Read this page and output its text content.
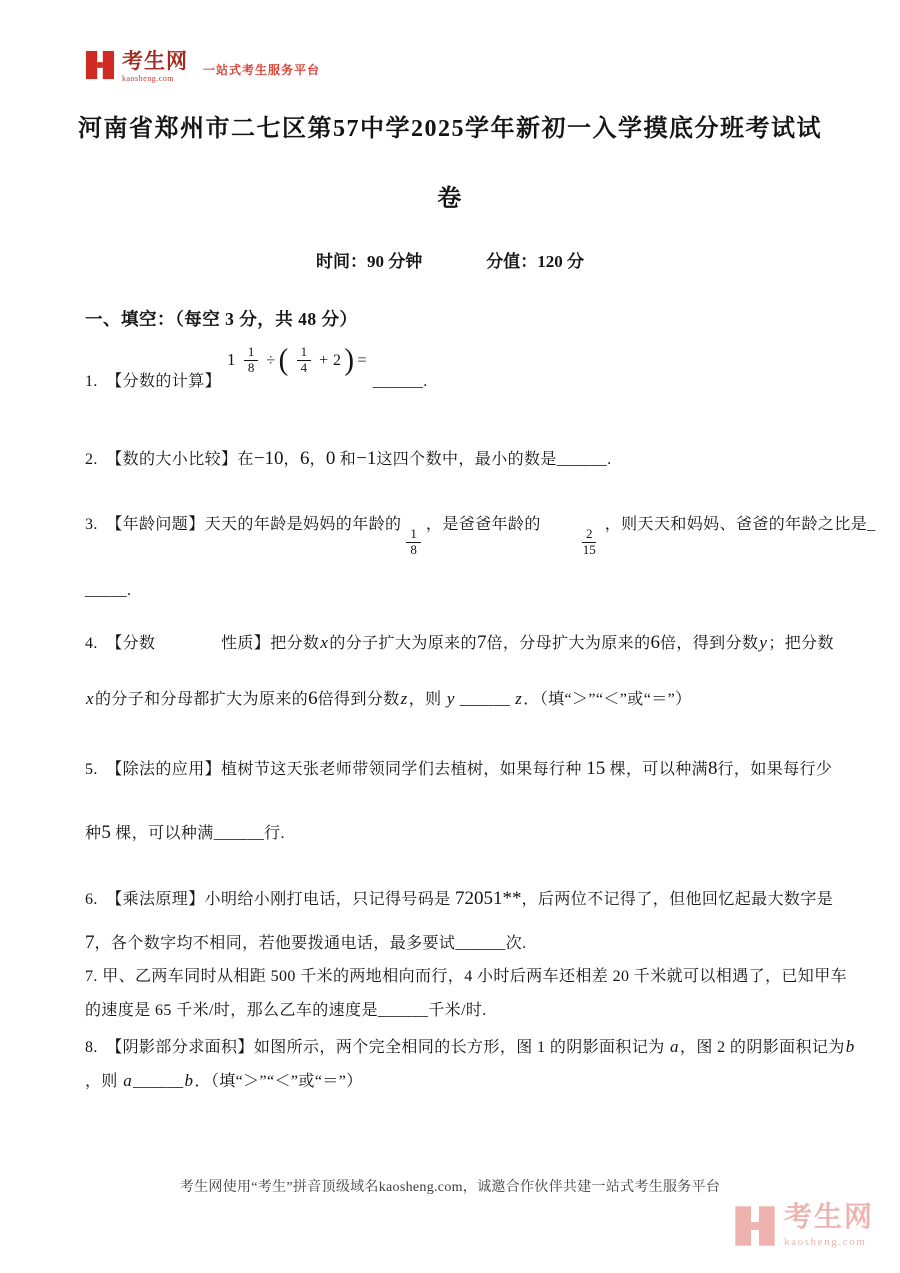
考生网
kaosheng.com
一站式考生服务平台
河南省郑州市二七区第57中学2025学年新初一入学摸底分班考试试
卷
时间：90 分钟	分值：120 分
一、填空：（每空 3 分，共 48 分）
1.　【分数的计算】
$1 \frac{1}{8}$ ÷ ( $\frac{1}{4} + 2$ ) =
______.
2.　【数的大小比较】在−10，6，0 和−1这四个数中，最小的数是______.
3.　【年龄问题】天天的年龄是妈妈的年龄的
$\frac{1}{8}$
，是爸爸年龄的
$\frac{2}{15}$
，则天天和妈妈、爸爸的年龄之比是_
_____.
4.　【分数　　　　性质】把分数x的分子扩大为原来的7倍，分母扩大为原来的6倍，得到分数y；把分数
x的分子和分母都扩大为原来的6倍得到分数z，则 y ______ z．（填“＞”“＜”或“＝”）
5.　【除法的应用】植树节这天张老师带领同学们去植树，如果每行种 15 棵，可以种满8行，如果每行少
种5 棵，可以种满______行.
6.　【乘法原理】小明给小刚打电话，只记得号码是 72051**，后两位不记得了，但他回忆起最大数字是
7，各个数字均不相同，若他要拨通电话，最多要试______次.
7. 甲、乙两车同时从相距 500 千米的两地相向而行，4 小时后两车还相差 20 千米就可以相遇了，已知甲车
的速度是 65 千米/时，那么乙车的速度是______千米/时.
8.　【阴影部分求面积】如图所示，两个完全相同的长方形，图 1 的阴影面积记为 a，图 2 的阴影面积记为b
，则 a______b．（填“＞”“＜”或“＝”）
考生网使用“考生”拼音顶级域名kaosheng.com，诚邀合作伙伴共建一站式考生服务平台
考生网
kaosheng.com
